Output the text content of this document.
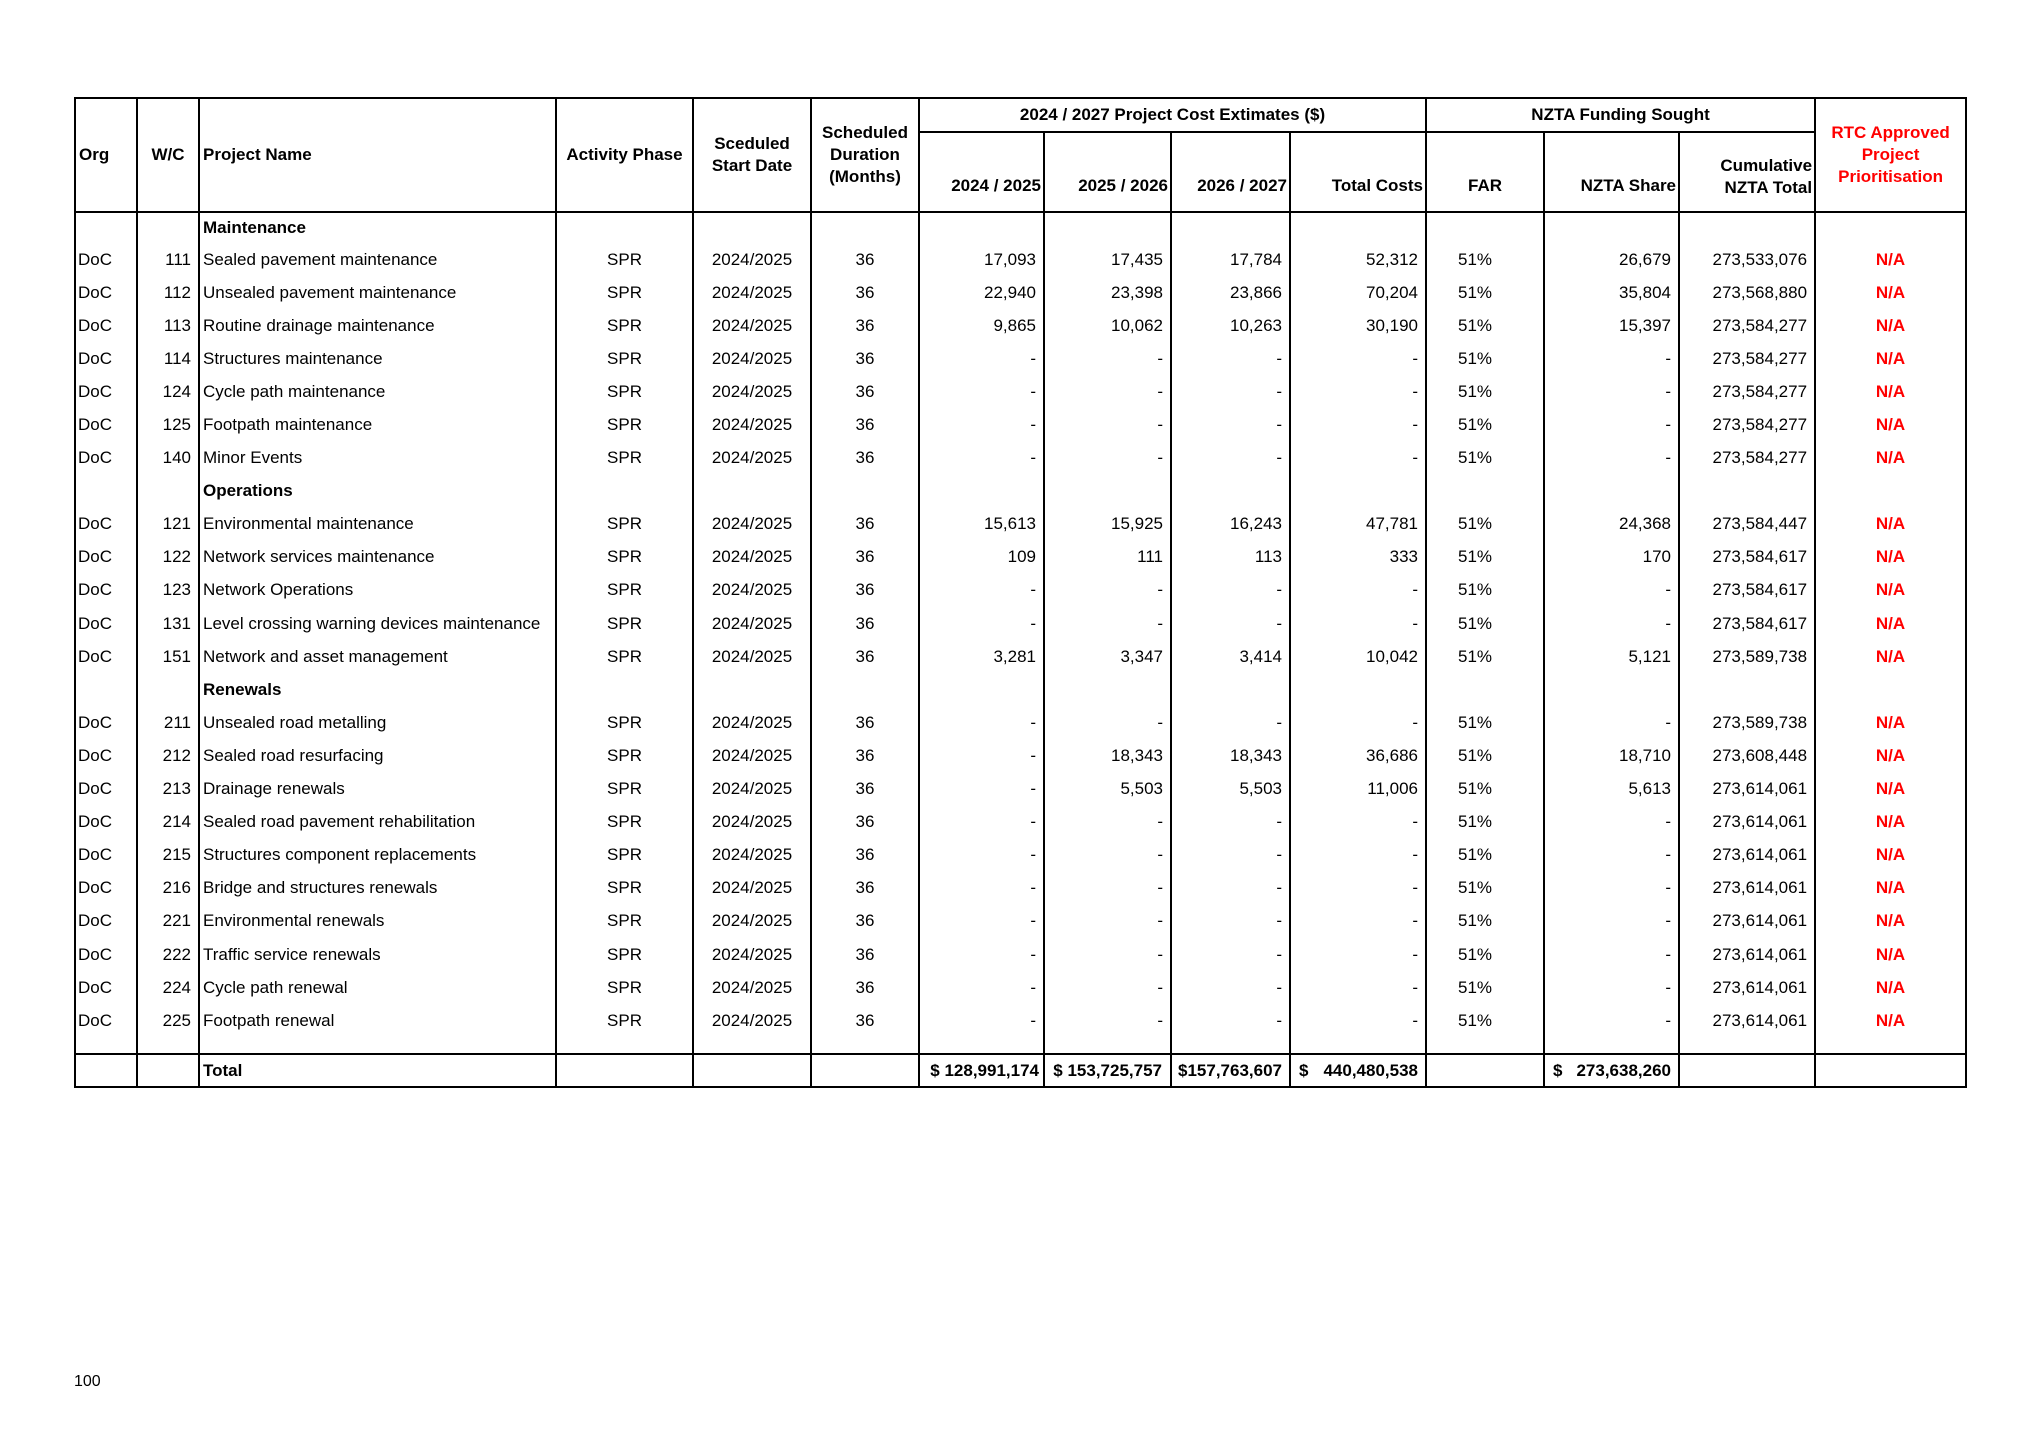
Org	W/C	Project Name	Activity Phase	Sceduled Start Date	Scheduled Duration (Months)	2024 / 2027 Project Cost Extimates ($)				NZTA Funding Sought			RTC Approved Project Prioritisation
						2024 / 2025	2025 / 2026	2026 / 2027	Total Costs	FAR	NZTA Share	Cumulative NZTA Total	
		Maintenance											
DoC	111	Sealed pavement maintenance	SPR	2024/2025	36	17,093	17,435	17,784	52,312	51%	26,679	273,533,076	N/A
DoC	112	Unsealed pavement maintenance	SPR	2024/2025	36	22,940	23,398	23,866	70,204	51%	35,804	273,568,880	N/A
DoC	113	Routine drainage maintenance	SPR	2024/2025	36	9,865	10,062	10,263	30,190	51%	15,397	273,584,277	N/A
DoC	114	Structures maintenance	SPR	2024/2025	36	-	-	-	-	51%	-	273,584,277	N/A
DoC	124	Cycle path maintenance	SPR	2024/2025	36	-	-	-	-	51%	-	273,584,277	N/A
DoC	125	Footpath maintenance	SPR	2024/2025	36	-	-	-	-	51%	-	273,584,277	N/A
DoC	140	Minor Events	SPR	2024/2025	36	-	-	-	-	51%	-	273,584,277	N/A
		Operations											
DoC	121	Environmental maintenance	SPR	2024/2025	36	15,613	15,925	16,243	47,781	51%	24,368	273,584,447	N/A
DoC	122	Network services maintenance	SPR	2024/2025	36	109	111	113	333	51%	170	273,584,617	N/A
DoC	123	Network Operations	SPR	2024/2025	36	-	-	-	-	51%	-	273,584,617	N/A
DoC	131	Level crossing warning devices maintenance	SPR	2024/2025	36	-	-	-	-	51%	-	273,584,617	N/A
DoC	151	Network and asset management	SPR	2024/2025	36	3,281	3,347	3,414	10,042	51%	5,121	273,589,738	N/A
		Renewals											
DoC	211	Unsealed road metalling	SPR	2024/2025	36	-	-	-	-	51%	-	273,589,738	N/A
DoC	212	Sealed road resurfacing	SPR	2024/2025	36	-	18,343	18,343	36,686	51%	18,710	273,608,448	N/A
DoC	213	Drainage renewals	SPR	2024/2025	36	-	5,503	5,503	11,006	51%	5,613	273,614,061	N/A
DoC	214	Sealed road pavement rehabilitation	SPR	2024/2025	36	-	-	-	-	51%	-	273,614,061	N/A
DoC	215	Structures component replacements	SPR	2024/2025	36	-	-	-	-	51%	-	273,614,061	N/A
DoC	216	Bridge and structures renewals	SPR	2024/2025	36	-	-	-	-	51%	-	273,614,061	N/A
DoC	221	Environmental renewals	SPR	2024/2025	36	-	-	-	-	51%	-	273,614,061	N/A
DoC	222	Traffic service renewals	SPR	2024/2025	36	-	-	-	-	51%	-	273,614,061	N/A
DoC	224	Cycle path renewal	SPR	2024/2025	36	-	-	-	-	51%	-	273,614,061	N/A
DoC	225	Footpath renewal	SPR	2024/2025	36	-	-	-	-	51%	-	273,614,061	N/A

		Total				$ 128,991,174	$ 153,725,757	$157,763,607	$ 440,480,538		$ 273,638,260		

100
